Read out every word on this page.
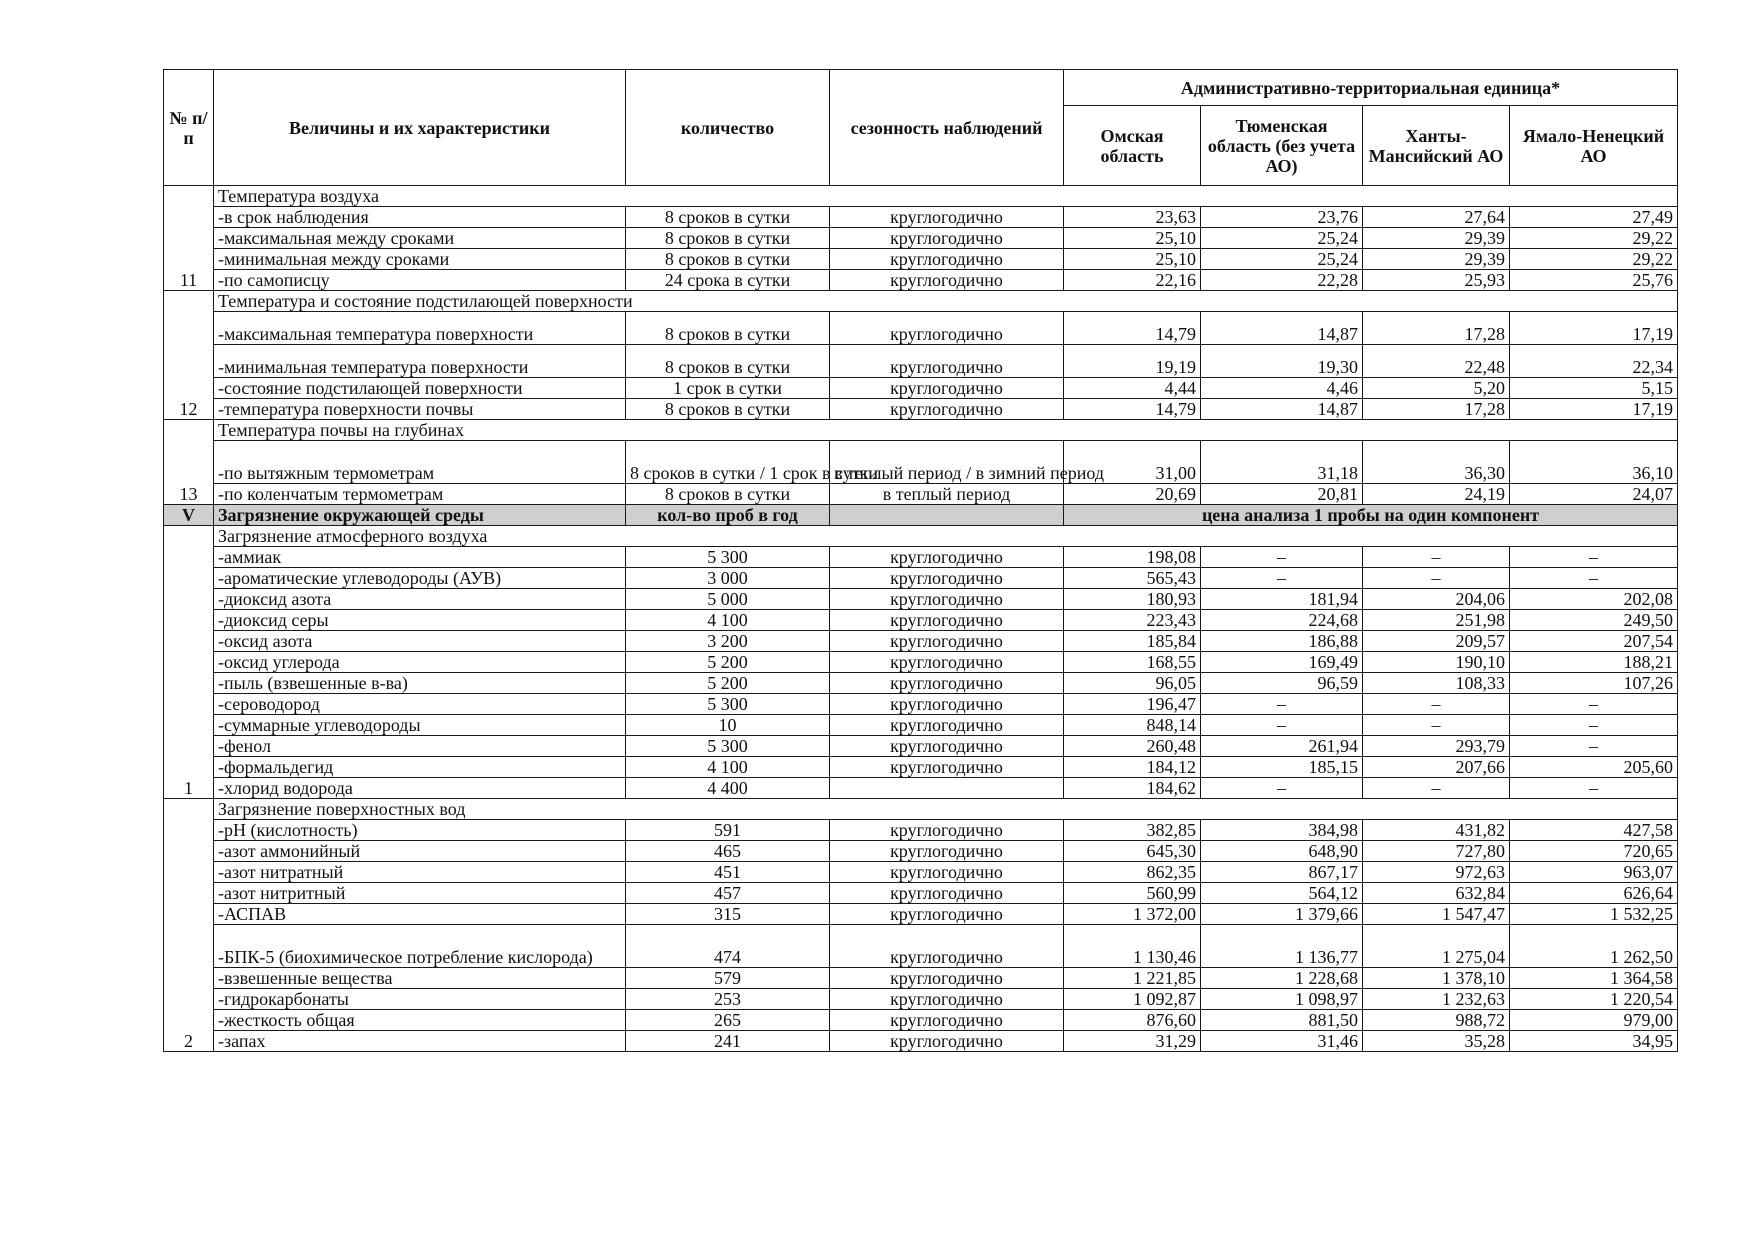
№ п/п	Величины и их характеристики	количество	сезонность наблюдений	Административно-территориальная единица*			
				Омская область	Тюменская область (без учета АО)	Ханты-Мансийский АО	Ямало-Ненецкий АО
11	Температура воздуха						
	-в срок наблюдения	8 сроков в сутки	круглогодично	23,63	23,76	27,64	27,49
	-максимальная между сроками	8 сроков в сутки	круглогодично	25,10	25,24	29,39	29,22
	-минимальная между сроками	8 сроков в сутки	круглогодично	25,10	25,24	29,39	29,22
	-по самописцу	24 срока в сутки	круглогодично	22,16	22,28	25,93	25,76
12	Температура и состояние подстилающей поверхности						
	-максимальная температура поверхности	8 сроков в сутки	круглогодично	14,79	14,87	17,28	17,19
	-минимальная температура поверхности	8 сроков в сутки	круглогодично	19,19	19,30	22,48	22,34
	-состояние подстилающей поверхности	1 срок в сутки	круглогодично	4,44	4,46	5,20	5,15
	-температура поверхности почвы	8 сроков в сутки	круглогодично	14,79	14,87	17,28	17,19
13	Температура почвы на глубинах						
	-по вытяжным термометрам	8 сроков в сутки / 1 срок в сутки	в теплый период / в зимний период	31,00	31,18	36,30	36,10
	-по коленчатым термометрам	8 сроков в сутки	в теплый период	20,69	20,81	24,19	24,07
V	Загрязнение окружающей среды	кол-во проб в год		цена анализа 1 пробы на один компонент			
1	Загрязнение атмосферного воздуха						
	-аммиак	5 300	круглогодично	198,08	–	–	–
	-ароматические углеводороды (АУВ)	3 000	круглогодично	565,43	–	–	–
	-диоксид азота	5 000	круглогодично	180,93	181,94	204,06	202,08
	-диоксид серы	4 100	круглогодично	223,43	224,68	251,98	249,50
	-оксид азота	3 200	круглогодично	185,84	186,88	209,57	207,54
	-оксид углерода	5 200	круглогодично	168,55	169,49	190,10	188,21
	-пыль (взвешенные в-ва)	5 200	круглогодично	96,05	96,59	108,33	107,26
	-сероводород	5 300	круглогодично	196,47	–	–	–
	-суммарные углеводороды	10	круглогодично	848,14	–	–	–
	-фенол	5 300	круглогодично	260,48	261,94	293,79	–
	-формальдегид	4 100	круглогодично	184,12	185,15	207,66	205,60
	-хлорид водорода	4 400		184,62	–	–	–
2	Загрязнение поверхностных вод						
	-pH (кислотность)	591	круглогодично	382,85	384,98	431,82	427,58
	-азот аммонийный	465	круглогодично	645,30	648,90	727,80	720,65
	-азот нитратный	451	круглогодично	862,35	867,17	972,63	963,07
	-азот нитритный	457	круглогодично	560,99	564,12	632,84	626,64
	-АСПАВ	315	круглогодично	1 372,00	1 379,66	1 547,47	1 532,25
	-БПК-5 (биохимическое потребление кислорода)	474	круглогодично	1 130,46	1 136,77	1 275,04	1 262,50
	-взвешенные вещества	579	круглогодично	1 221,85	1 228,68	1 378,10	1 364,58
	-гидрокарбонаты	253	круглогодично	1 092,87	1 098,97	1 232,63	1 220,54
	-жесткость общая	265	круглогодично	876,60	881,50	988,72	979,00
	-запах	241	круглогодично	31,29	31,46	35,28	34,95
